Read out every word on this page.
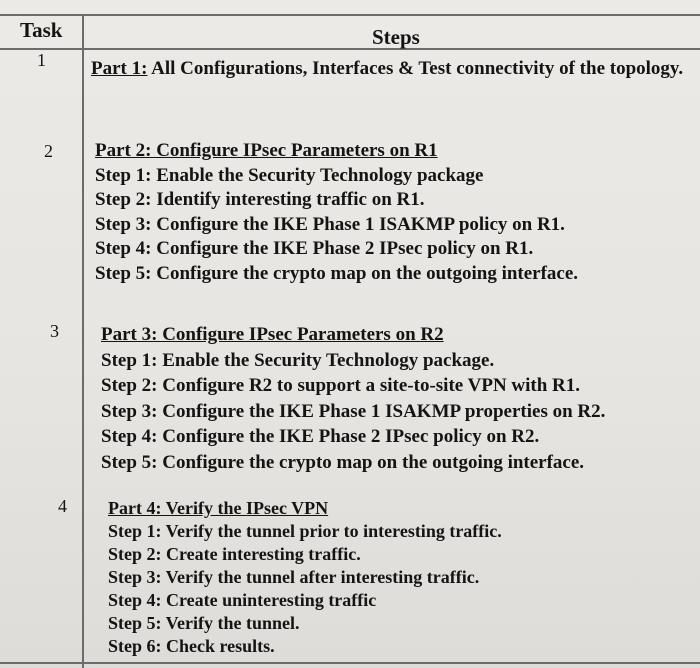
Task	Steps
1
2
3
4
Part 1: All Configurations, Interfaces & Test connectivity of the topology.
Part 2: Configure IPsec Parameters on R1
Step 1: Enable the Security Technology package
Step 2: Identify interesting traffic on R1.
Step 3: Configure the IKE Phase 1 ISAKMP policy on R1.
Step 4: Configure the IKE Phase 2 IPsec policy on R1.
Step 5: Configure the crypto map on the outgoing interface.
Part 3: Configure IPsec Parameters on R2
Step 1: Enable the Security Technology package.
Step 2: Configure R2 to support a site-to-site VPN with R1.
Step 3: Configure the IKE Phase 1 ISAKMP properties on R2.
Step 4: Configure the IKE Phase 2 IPsec policy on R2.
Step 5: Configure the crypto map on the outgoing interface.
Part 4: Verify the IPsec VPN
Step 1: Verify the tunnel prior to interesting traffic.
Step 2: Create interesting traffic.
Step 3: Verify the tunnel after interesting traffic.
Step 4: Create uninteresting traffic
Step 5: Verify the tunnel.
Step 6: Check results.
